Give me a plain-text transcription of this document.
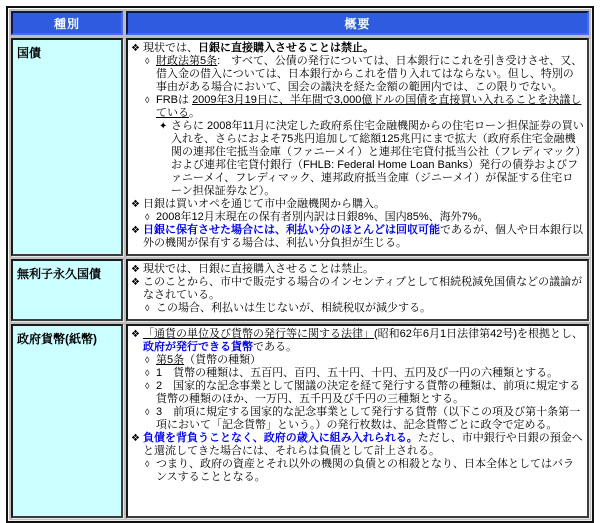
種別	概要
国債	❖ 現状では、日銀に直接購入させることは禁止。
◊ 財政法第5条:　すべて、公債の発行については、日本銀行にこれを引き受けさせ、又、借入金の借入については、日本銀行からこれを借り入れてはならない。但し、特別の事由がある場合において、国会の議決を経た金額の範囲内では、この限りでない。
◊ FRBは 2009年3月19日に、半年間で3,000億ドルの国債を直接買い入れることを決議している。
✦ さらに 2008年11月に決定した政府系住宅金融機関からの住宅ローン担保証券の買い入れを、さらにおよそ75兆円追加して総額125兆円にまで拡大（政府系住宅金融機関の連邦住宅抵当金庫（ファニーメイ）と連邦住宅貸付抵当公社（フレディマック）および連邦住宅貸付銀行（FHLB: Federal Home Loan Banks）発行の債券およびファニーメイ、フレディマック、連邦政府抵当金庫（ジニーメイ）が保証する住宅ローン担保証券など）。
❖ 日銀は買いオペを通じて市中金融機関から購入。
◊ 2008年12月末現在の保有者別内訳は日銀8%、国内85%、海外7%。
❖ 日銀に保有させた場合には、利払い分のほとんどは回収可能であるが、個人や日本銀行以外の機関が保有する場合は、利払い分負担が生じる。

無利子永久国債	❖ 現状では、日銀に直接購入させることは禁止。
❖ このことから、市中で販売する場合のインセンティブとして相続税減免国債などの議論がなされている。
◊ この場合、利払いは生じないが、相続税収が減少する。

政府貨幣(紙幣)	❖ 「通貨の単位及び貨幣の発行等に関する法律」(昭和62年6月1日法律第42号)を根拠とし、政府が発行できる貨幣である。
◊ 第5条（貨幣の種類）
◊ 1　貨幣の種類は、五百円、百円、五十円、十円、五円及び一円の六種類とする。
◊ 2　国家的な記念事業として閣議の決定を経て発行する貨幣の種類は、前項に規定する貨幣の種類のほか、一万円、五千円及び千円の三種類とする。
◊ 3　前項に規定する国家的な記念事業として発行する貨幣（以下この項及び第十条第一項において「記念貨幣」という。）の発行枚数は、記念貨幣ごとに政令で定める。
❖ 負債を背負うことなく、政府の歳入に組み入れられる。ただし、市中銀行や日銀の預金へと還流してきた場合には、それらは負債として計上される。
◊ つまり、政府の資産とそれ以外の機関の負債との相殺となり、日本全体としてはバランスすることとなる。
